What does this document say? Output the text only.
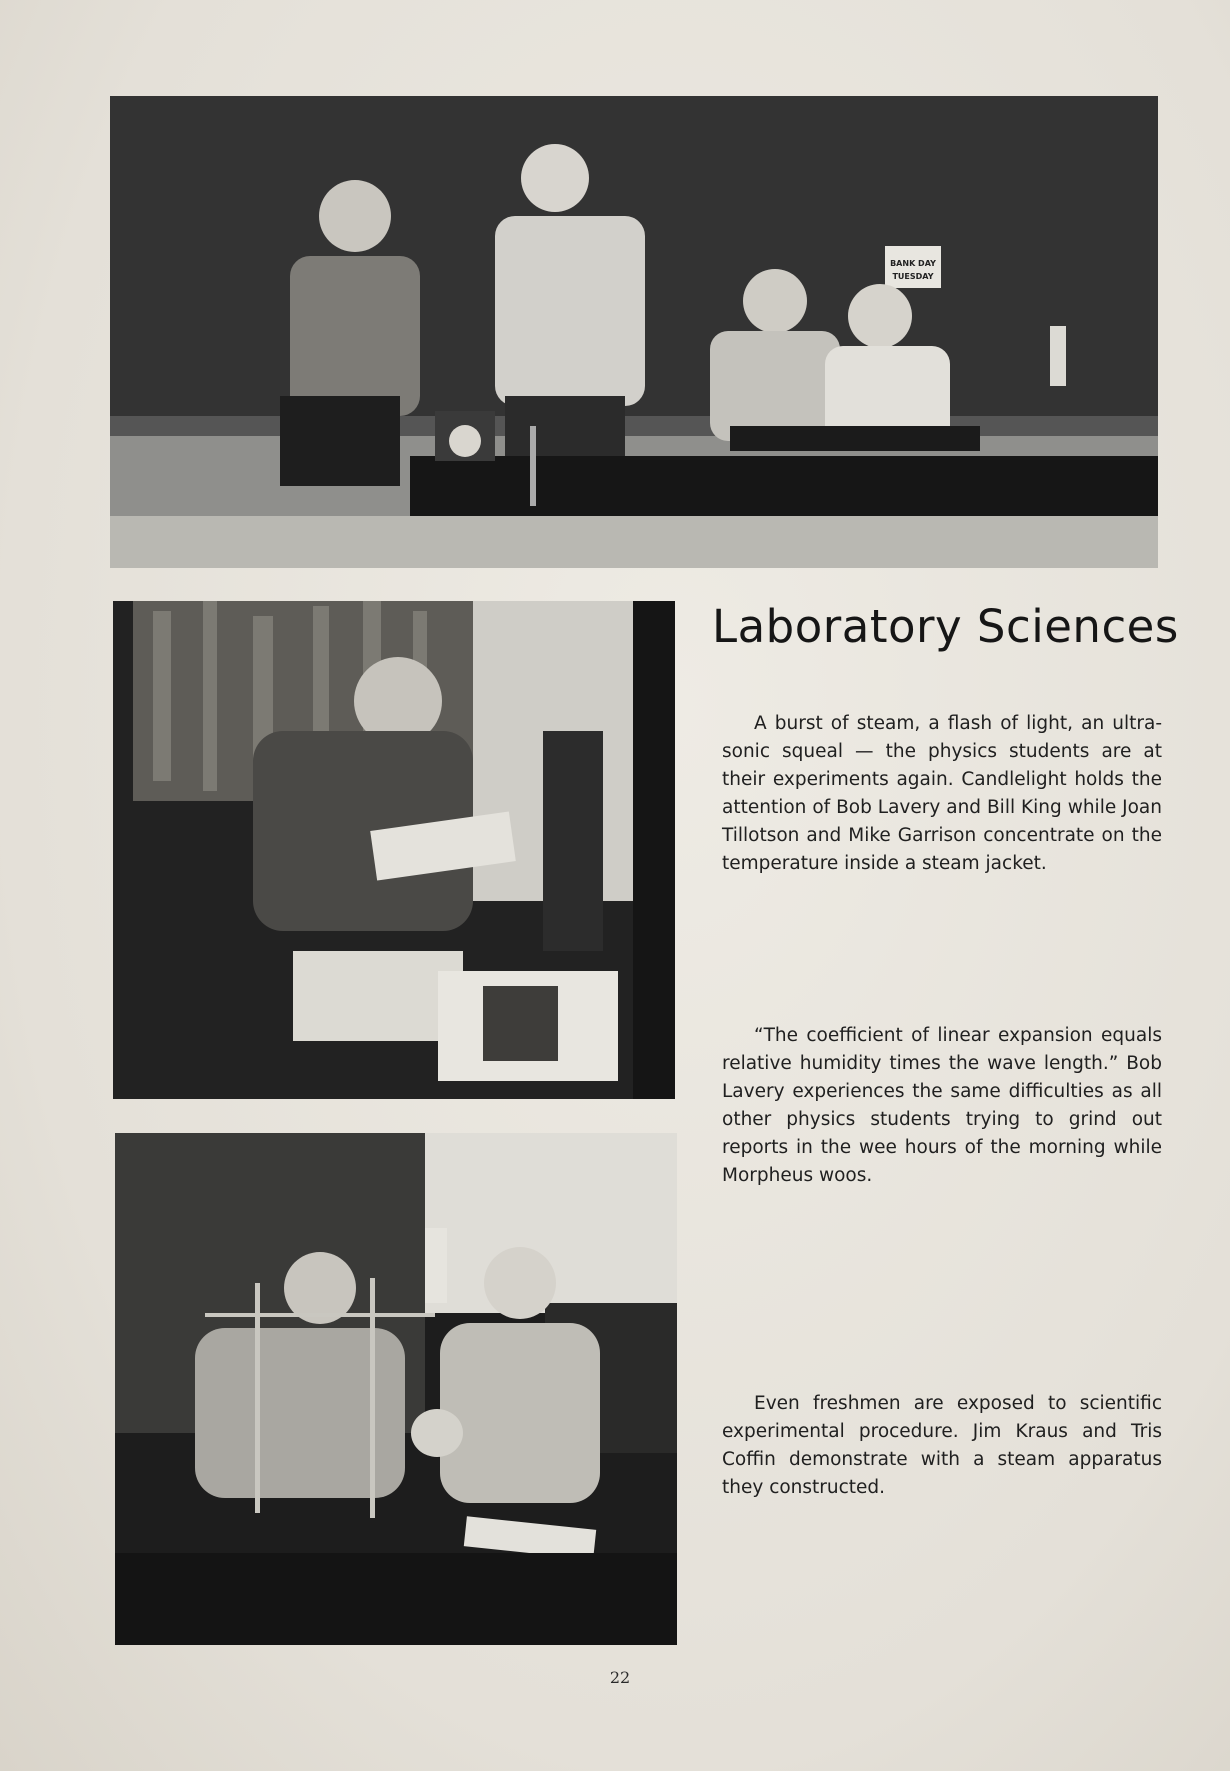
BANK DAY
TUESDAY
Laboratory Sciences

A burst of steam, a flash of light, an ultra-sonic squeal — the physics students are at their experiments again. Candlelight holds the attention of Bob Lavery and Bill King while Joan Tillotson and Mike Garrison concentrate on the temperature inside a steam jacket.

“The coefficient of linear expansion equals relative humidity times the wave length.” Bob Lavery experiences the same difficulties as all other physics students trying to grind out reports in the wee hours of the morning while Morpheus woos.

Even freshmen are exposed to scientific experimental procedure. Jim Kraus and Tris Coffin demonstrate with a steam apparatus they constructed.

22
